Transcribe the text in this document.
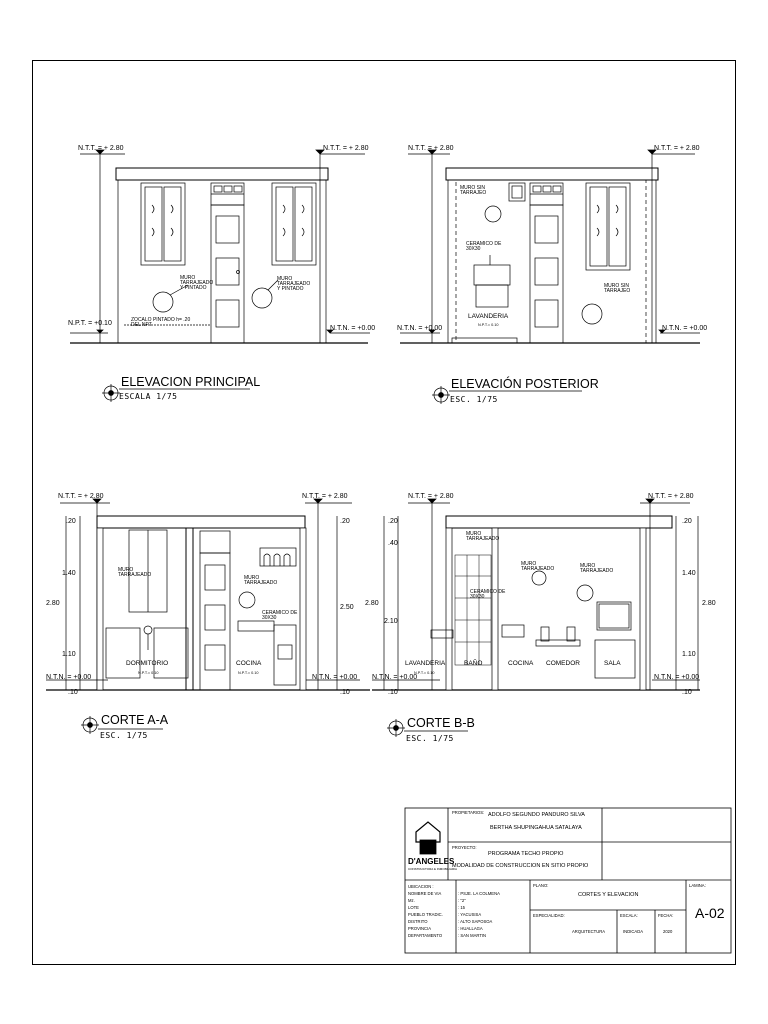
N.T.T. = + 2.80	N.T.T. = + 2.80
N.P.T. = +0.10
N.T.N. = +0.00
MURO TARRAJEADO Y PINTADO
MURO TARRAJEADO Y PINTADO
ZOCALO PINTADO h= .20 DEL NPT
ELEVACION PRINCIPAL
ESCALA 1/75
N.T.T. = + 2.80	N.T.T. = + 2.80
N.T.N. = +0.00	N.T.N. = +0.00
MURO SIN TARRAJEO
CERAMICO DE 30X30
MURO SIN TARRAJEO
LAVANDERIA
N.P.T.= 0.10
ELEVACIÓN POSTERIOR
ESC. 1/75
N.T.T. = + 2.80	N.T.T. = + 2.80
N.T.N. = +0.00	N.T.N. = +0.00
.20
1.40
2.80
1.10
.10
.20
2.50
.10
MURO TARRAJEADO	MURO TARRAJEADO
CERAMICO DE 30X30
DORMITORIO
N.P.T.= 0.10
COCINA
N.P.T.= 0.10
CORTE A-A
ESC. 1/75
N.T.T. = + 2.80	N.T.T. = + 2.80
N.T.N. = +0.00	N.T.N. = +0.00
.20
.40
2.80
2.10
.10
.20
1.40
2.80
1.10
.10
MURO TARRAJEADO
CERAMICO DE 30X30
MURO TARRAJEADO	MURO TARRAJEADO
LAVANDERIA	BAÑO	COCINA COMEDOR	SALA
N.P.T.= 0.10
CORTE B-B
ESC. 1/75
D'ANGELES
CONSTRUCTORA E INMOBILIARIA
PROPIETARIOS: ADOLFO SEGUNDO PANDURO SILVA
BERTHA SHUPINGAHUA SATALAYA
PROYECTO:
PROGRAMA TECHO PROPIO
MODALIDAD DE CONSTRUCCION EN SITIO PROPIO
UBICACION :
NOMBRE DE VIA
Mz.
LOTE
PUEBLO TRADIC.
DISTRITO
PROVINCIA
DEPARTAMENTO
: PSJE. LA COLMENA
: "2"
: 15
: YACUSISA
: ALTO SAPOSOA
: HUALLAGA
: SAN MARTIN
PLANO:
CORTES Y ELEVACION
ESPECIALIDAD:
ARQUITECTURA
ESCALA:
INDICADA
FECHA:
2020
LAMINA:
A-02
